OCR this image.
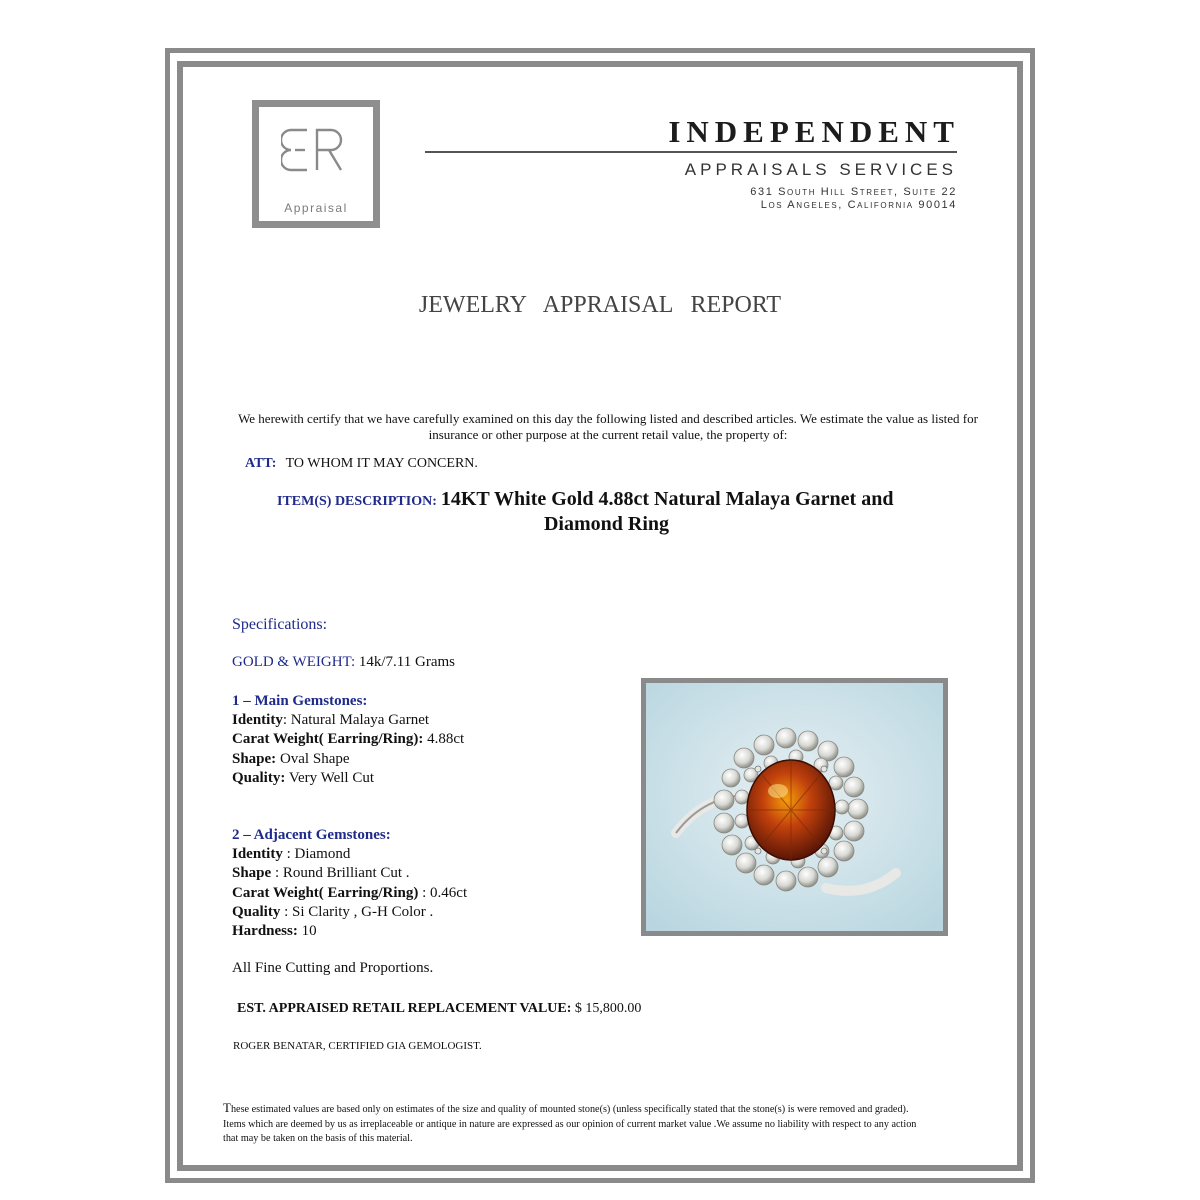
Appraisal
INDEPENDENT
APPRAISALS SERVICES
631 South Hill Street, Suite 22
Los Angeles, California 90014
JEWELRY APPRAISAL REPORT
We herewith certify that we have carefully examined on this day the following listed and described articles. We estimate the value as listed for insurance or other purpose at the current retail value, the property of:
ATT: TO WHOM IT MAY CONCERN.
ITEM(S) DESCRIPTION: 14KT White Gold 4.88ct Natural Malaya Garnet and
Diamond Ring
Specifications:
GOLD & WEIGHT: 14k/7.11 Grams
1 – Main Gemstones:
Identity: Natural Malaya Garnet
Carat Weight( Earring/Ring): 4.88ct
Shape: Oval Shape
Quality: Very Well Cut
2 – Adjacent Gemstones:
Identity : Diamond
Shape : Round Brilliant Cut .
Carat Weight( Earring/Ring) : 0.46ct
Quality : Si Clarity , G-H Color .
Hardness: 10
All Fine Cutting and Proportions.
EST. APPRAISED RETAIL REPLACEMENT VALUE: $ 15,800.00
ROGER BENATAR, CERTIFIED GIA GEMOLOGIST.
These estimated values are based only on estimates of the size and quality of mounted stone(s) (unless specifically stated that the stone(s) is were removed and graded). Items which are deemed by us as irreplaceable or antique in nature are expressed as our opinion of current market value .We assume no liability with respect to any action that may be taken on the basis of this material.
